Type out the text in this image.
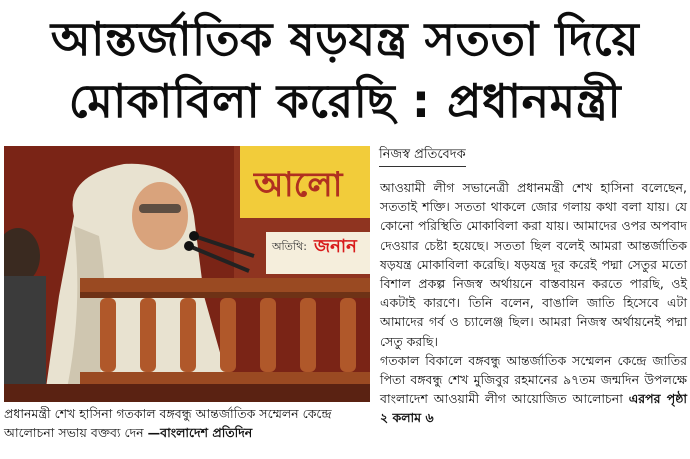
আন্তর্জাতিক ষড়যন্ত্র সততা দিয়ে
মোকাবিলা করেছি : প্রধানমন্ত্রী
আলো
অতিথি: জনান
প্রধানমন্ত্রী শেখ হাসিনা গতকাল বঙ্গবন্ধু আন্তর্জাতিক সম্মেলন কেন্দ্রে আলোচনা সভায় বক্তব্য দেন —বাংলাদেশ প্রতিদিন
নিজস্ব প্রতিবেদক

আওয়ামী লীগ সভানেত্রী প্রধানমন্ত্রী শেখ হাসিনা বলেছেন, সততাই শক্তি। সততা থাকলে জোর গলায় কথা বলা যায়। যে কোনো পরিস্থিতি মোকাবিলা করা যায়। আমাদের ওপর অপবাদ দেওয়ার চেষ্টা হয়েছে। সততা ছিল বলেই আমরা আন্তর্জাতিক ষড়যন্ত্র মোকাবিলা করেছি। ষড়যন্ত্র দূর করেই পদ্মা সেতুর মতো বিশাল প্রকল্প নিজস্ব অর্থায়নে বাস্তবায়ন করতে পারছি, ওই একটাই কারণে। তিনি বলেন, বাঙালি জাতি হিসেবে এটা আমাদের গর্ব ও চ্যালেঞ্জ ছিল। আমরা নিজস্ব অর্থায়নেই পদ্মা সেতু করছি।

গতকাল বিকালে বঙ্গবন্ধু আন্তর্জাতিক সম্মেলন কেন্দ্রে জাতির পিতা বঙ্গবন্ধু শেখ মুজিবুর রহমানের ৯৭তম জন্মদিন উপলক্ষে বাংলাদেশ আওয়ামী লীগ আয়োজিত আলোচনা এরপর পৃষ্ঠা ২ কলাম ৬
